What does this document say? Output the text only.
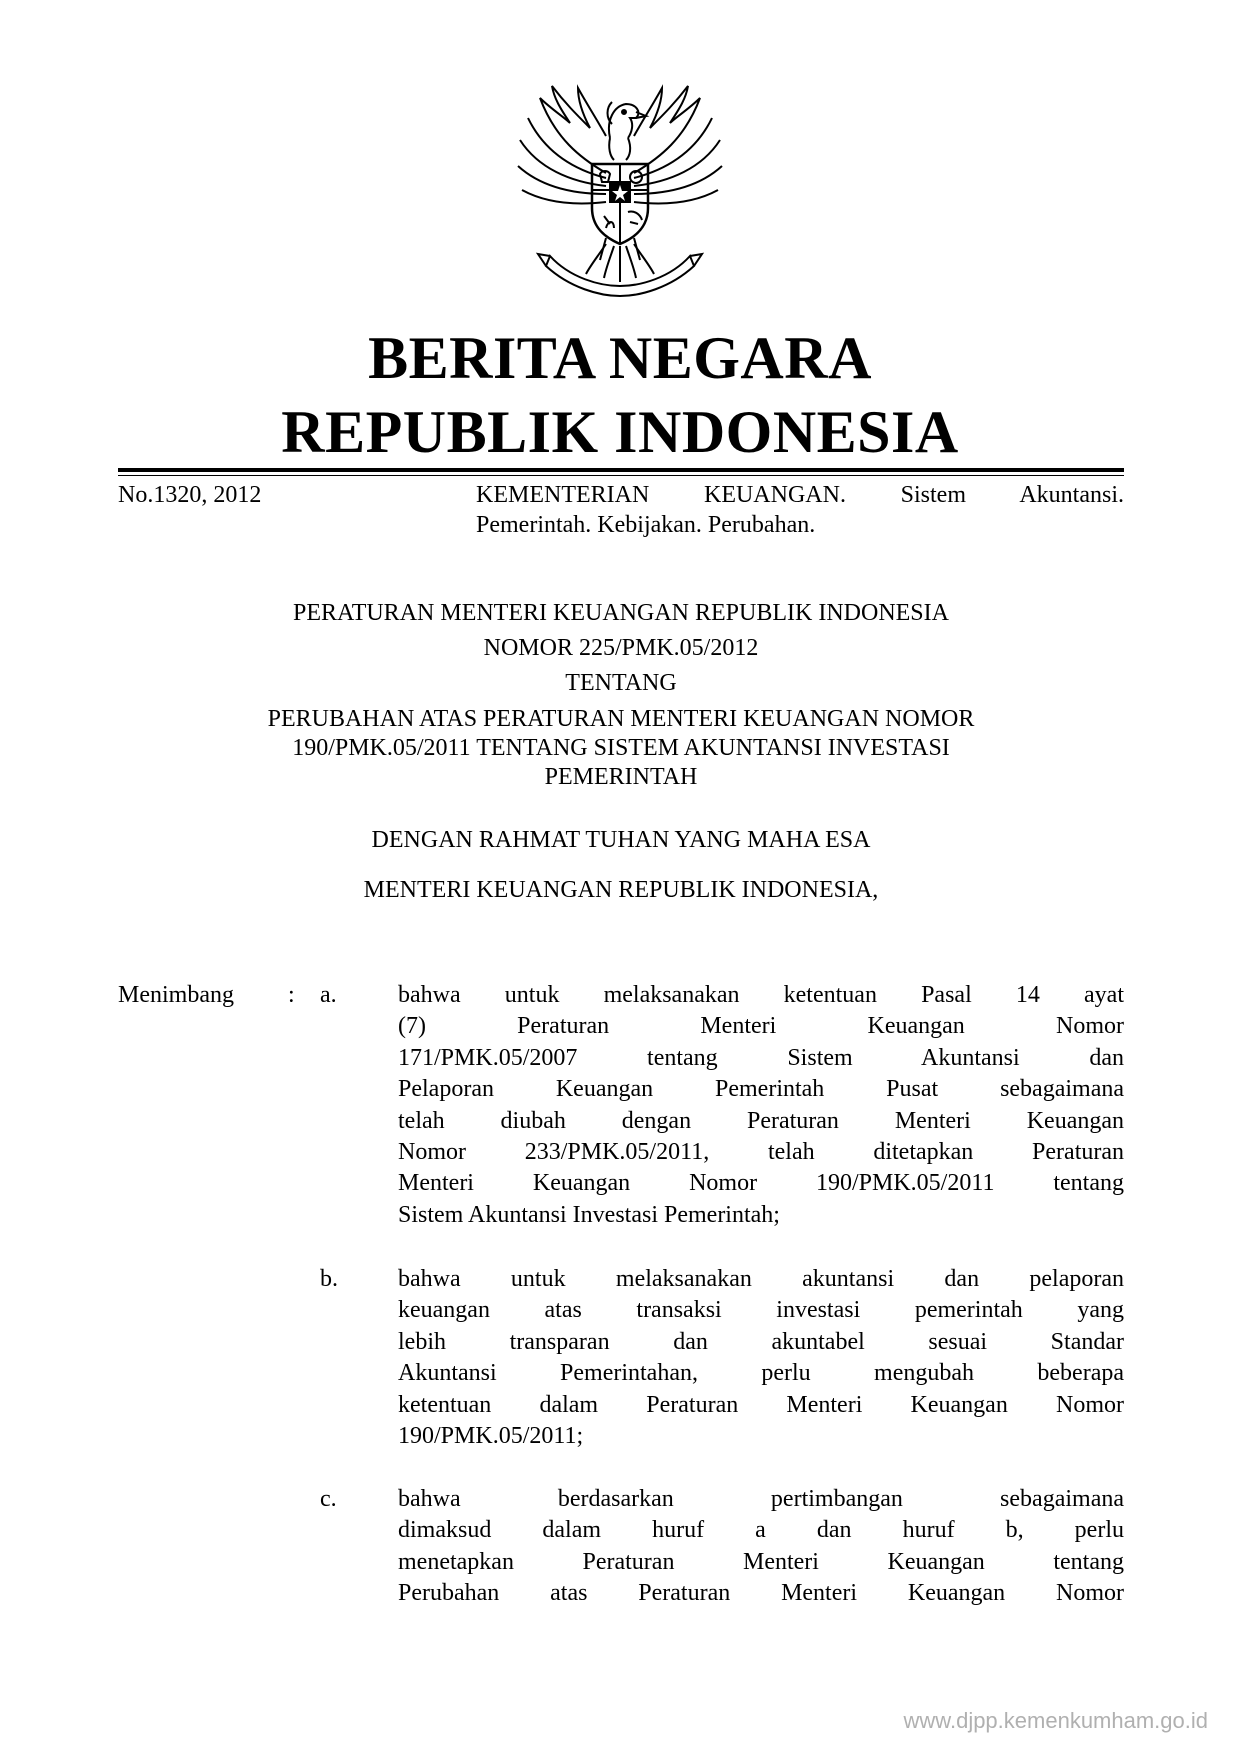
BERITA NEGARA
REPUBLIK INDONESIA
No.1320, 2012	KEMENTERIAN KEUANGAN. Sistem Akuntansi.
Pemerintah. Kebijakan. Perubahan.
PERATURAN MENTERI KEUANGAN REPUBLIK INDONESIA
NOMOR 225/PMK.05/2012
TENTANG
PERUBAHAN ATAS PERATURAN MENTERI KEUANGAN NOMOR
190/PMK.05/2011 TENTANG SISTEM AKUNTANSI INVESTASI
PEMERINTAH
DENGAN RAHMAT TUHAN YANG MAHA ESA
MENTERI KEUANGAN REPUBLIK INDONESIA,
Menimbang : a.	bahwa untuk melaksanakan ketentuan Pasal 14 ayat
(7) Peraturan Menteri Keuangan Nomor
171/PMK.05/2007 tentang Sistem Akuntansi dan
Pelaporan Keuangan Pemerintah Pusat sebagaimana
telah diubah dengan Peraturan Menteri Keuangan
Nomor 233/PMK.05/2011, telah ditetapkan Peraturan
Menteri Keuangan Nomor 190/PMK.05/2011 tentang
Sistem Akuntansi Investasi Pemerintah;
b.	bahwa untuk melaksanakan akuntansi dan pelaporan
keuangan atas transaksi investasi pemerintah yang
lebih transparan dan akuntabel sesuai Standar
Akuntansi Pemerintahan, perlu mengubah beberapa
ketentuan dalam Peraturan Menteri Keuangan Nomor
190/PMK.05/2011;
c.	bahwa berdasarkan pertimbangan sebagaimana
dimaksud dalam huruf a dan huruf b, perlu
menetapkan Peraturan Menteri Keuangan tentang
Perubahan atas Peraturan Menteri Keuangan Nomor
www.djpp.kemenkumham.go.id
